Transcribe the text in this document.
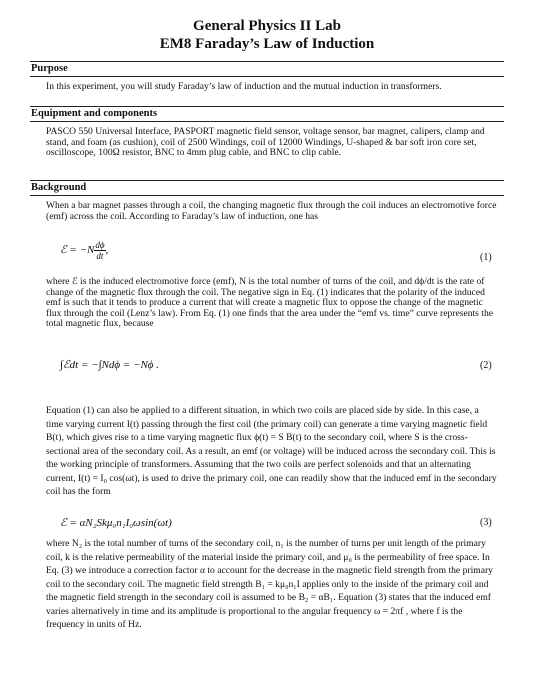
General Physics II Lab
EM8 Faraday’s Law of Induction
Purpose

In this experiment, you will study Faraday’s law of induction and the mutual induction in transformers.

Equipment and components

PASCO 550 Universal Interface, PASPORT magnetic field sensor, voltage sensor, bar magnet, calipers, clamp and stand, and foam (as cushion), coil of 2500 Windings, coil of 12000 Windings, U-shaped & bar soft iron core set, oscilloscope, 100Ω resistor, BNC to 4mm plug cable, and BNC to clip cable.

Background

When a bar magnet passes through a coil, the changing magnetic flux through the coil induces an electromotive force (emf) across the coil. According to Faraday’s law of induction, one has

ℰ = $-N \frac{d\phi}{dt}$ ,
(1)

where ℰ is the induced electromotive force (emf), N is the total number of turns of the coil, and dϕ/dt is the rate of change of the magnetic flux through the coil. The negative sign in Eq. (1) indicates that the polarity of the induced emf is such that it tends to produce a current that will create a magnetic flux to oppose the change of the magnetic flux through the coil (Lenz’s law). From Eq. (1) one finds that the area under the “emf vs. time” curve represents the total magnetic flux, because

∫ℰdt = −∫Ndϕ = −Nϕ .	(2)

Equation (1) can also be applied to a different situation, in which two coils are placed side by side. In this case, a time varying current I(t) passing through the first coil (the primary coil) can generate a time varying magnetic field B(t), which gives rise to a time varying magnetic flux ϕ(t) = S B(t) to the secondary coil, where S is the cross-sectional area of the secondary coil. As a result, an emf (or voltage) will be induced across the secondary coil. This is the working principle of transformers. Assuming that the two coils are perfect solenoids and that an alternating current, I(t) = I₀ cos(ωt), is used to drive the primary coil, one can readily show that the induced emf in the secondary coil has the form

ℰ = αN₂Skμ₀n₁I₀ωsin(ωt)	(3)

where N₂ is the total number of turns of the secondary coil, n₁ is the number of turns per unit length of the primary coil, k is the relative permeability of the material inside the primary coil, and μ₀ is the permeability of free space. In Eq. (3) we introduce a correction factor α to account for the decrease in the magnetic field strength from the primary coil to the secondary coil. The magnetic field strength B₁ = kμ₀n₁I applies only to the inside of the primary coil and the magnetic field strength in the secondary coil is assumed to be B₂ = αB₁. Equation (3) states that the induced emf varies alternatively in time and its amplitude is proportional to the angular frequency ω = 2πf , where f is the frequency in units of Hz.
